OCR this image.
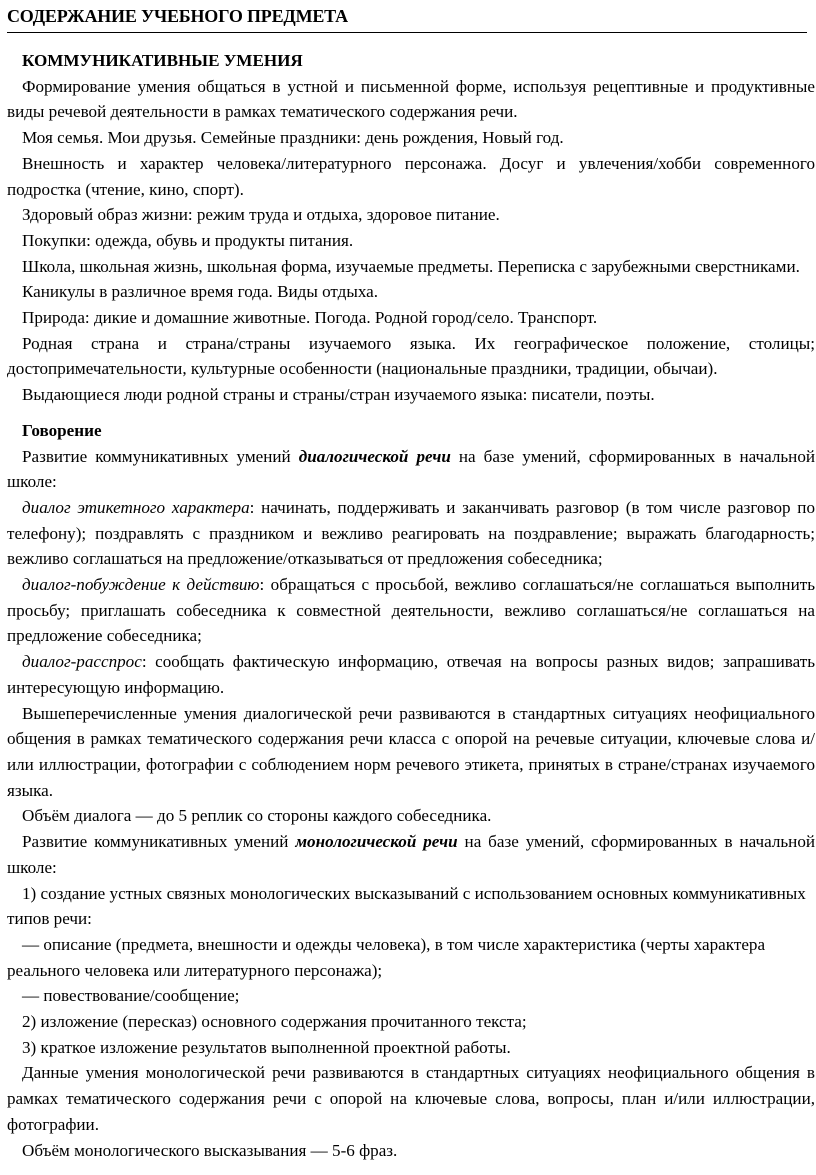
СОДЕРЖАНИЕ УЧЕБНОГО ПРЕДМЕТА

КОММУНИКАТИВНЫЕ УМЕНИЯ

Формирование умения общаться в устной и письменной форме, используя рецептивные и продуктивные виды речевой деятельности в рамках тематического содержания речи.

Моя семья. Мои друзья. Семейные праздники: день рождения, Новый год.

Внешность и характер человека/литературного персонажа. Досуг и увлечения/хобби современного подростка (чтение, кино, спорт).

Здоровый образ жизни: режим труда и отдыха, здоровое питание.

Покупки: одежда, обувь и продукты питания.

Школа, школьная жизнь, школьная форма, изучаемые предметы. Переписка с зарубежными сверстниками.

Каникулы в различное время года. Виды отдыха.

Природа: дикие и домашние животные. Погода. Родной город/село. Транспорт.

Родная страна и страна/страны изучаемого языка. Их географическое положение, столицы; достопримечательности, культурные особенности (национальные праздники, традиции, обычаи).

Выдающиеся люди родной страны и страны/стран изучаемого языка: писатели, поэты.

Говорение

Развитие коммуникативных умений диалогической речи на базе умений, сформированных в начальной школе:

диалог этикетного характера: начинать, поддерживать и заканчивать разговор (в том числе разговор по телефону); поздравлять с праздником и вежливо реагировать на поздравление; выражать благодарность; вежливо соглашаться на предложение/отказываться от предложения собеседника;

диалог-побуждение к действию: обращаться с просьбой, вежливо соглашаться/не соглашаться выполнить просьбу; приглашать собеседника к совместной деятельности, вежливо соглашаться/не соглашаться на предложение собеседника;

диалог-расспрос: сообщать фактическую информацию, отвечая на вопросы разных видов; запрашивать интересующую информацию.

Вышеперечисленные умения диалогической речи развиваются в стандартных ситуациях неофициального общения в рамках тематического содержания речи класса с опорой на речевые ситуации, ключевые слова и/или иллюстрации, фотографии с соблюдением норм речевого этикета, принятых в стране/странах изучаемого языка.

Объём диалога — до 5 реплик со стороны каждого собеседника.

Развитие коммуникативных умений монологической речи на базе умений, сформированных в начальной школе:

1) создание устных связных монологических высказываний с использованием основных коммуникативных типов речи:

— описание (предмета, внешности и одежды человека), в том числе характеристика (черты характера реального человека или литературного персонажа);

— повествование/сообщение;

2) изложение (пересказ) основного содержания прочитанного текста;

3) краткое изложение результатов выполненной проектной работы.

Данные умения монологической речи развиваются в стандартных ситуациях неофициального общения в рамках тематического содержания речи с опорой на ключевые слова, вопросы, план и/или иллюстрации, фотографии.

Объём монологического высказывания — 5-6 фраз.
